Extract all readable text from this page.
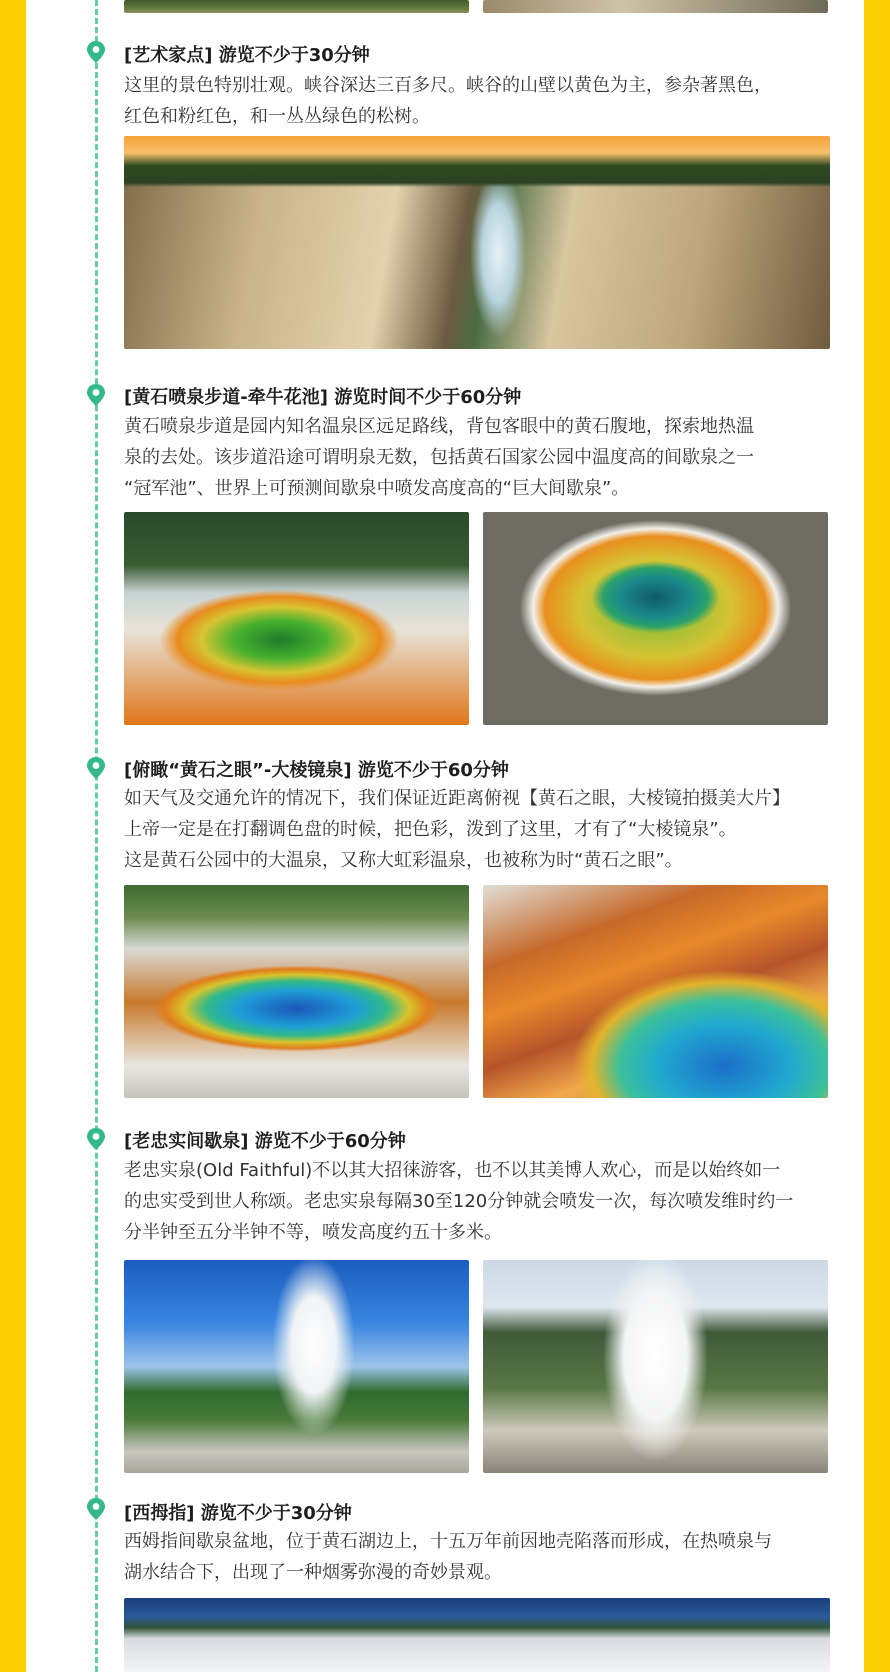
[艺术家点] 游览不少于30分钟
这里的景色特别壮观。峡谷深达三百多尺。峡谷的山壁以黄色为主，参杂著黑色，
红色和粉红色，和一丛丛绿色的松树。
[黄石喷泉步道-牵牛花池] 游览时间不少于60分钟
黄石喷泉步道是园内知名温泉区远足路线，背包客眼中的黄石腹地，探索地热温
泉的去处。该步道沿途可谓明泉无数，包括黄石国家公园中温度高的间歇泉之一
“冠军池”、世界上可预测间歇泉中喷发高度高的“巨大间歇泉”。
[俯瞰“黄石之眼”-大棱镜泉] 游览不少于60分钟
如天气及交通允许的情况下，我们保证近距离俯视【黄石之眼，大棱镜拍摄美大片】
上帝一定是在打翻调色盘的时候，把色彩，泼到了这里，才有了“大棱镜泉”。
这是黄石公园中的大温泉，又称大虹彩温泉，也被称为时“黄石之眼”。
[老忠实间歇泉] 游览不少于60分钟
老忠实泉(Old Faithful)不以其大招徕游客，也不以其美博人欢心，而是以始终如一
的忠实受到世人称颂。老忠实泉每隔30至120分钟就会喷发一次，每次喷发维时约一
分半钟至五分半钟不等，喷发高度约五十多米。
[西拇指] 游览不少于30分钟
西姆指间歇泉盆地，位于黄石湖边上，十五万年前因地壳陷落而形成，在热喷泉与
湖水结合下，出现了一种烟雾弥漫的奇妙景观。
